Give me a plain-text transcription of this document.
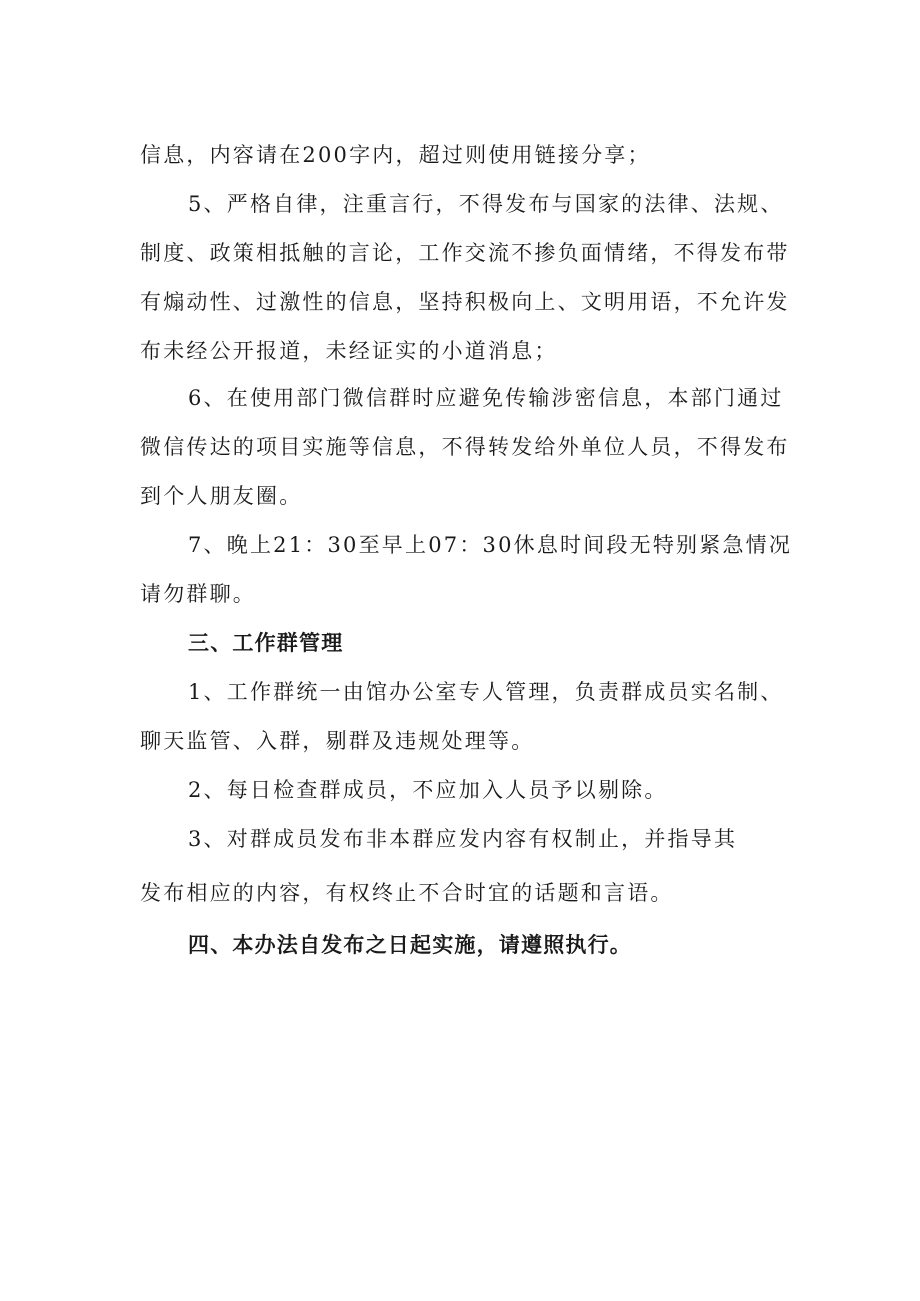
信息，内容请在200字内，超过则使用链接分享；
5、严格自律，注重言行，不得发布与国家的法律、法规、
制度、政策相抵触的言论，工作交流不掺负面情绪，不得发布带
有煽动性、过激性的信息，坚持积极向上、文明用语，不允许发
布未经公开报道，未经证实的小道消息；
6、在使用部门微信群时应避免传输涉密信息，本部门通过
微信传达的项目实施等信息，不得转发给外单位人员，不得发布
到个人朋友圈。
7、晚上21：30至早上07：30休息时间段无特别紧急情况
请勿群聊。
三、工作群管理
1、工作群统一由馆办公室专人管理，负责群成员实名制、
聊天监管、入群，剔群及违规处理等。
2、每日检查群成员，不应加入人员予以剔除。
3、对群成员发布非本群应发内容有权制止，并指导其
发布相应的内容，有权终止不合时宜的话题和言语。
四、本办法自发布之日起实施，请遵照执行。
